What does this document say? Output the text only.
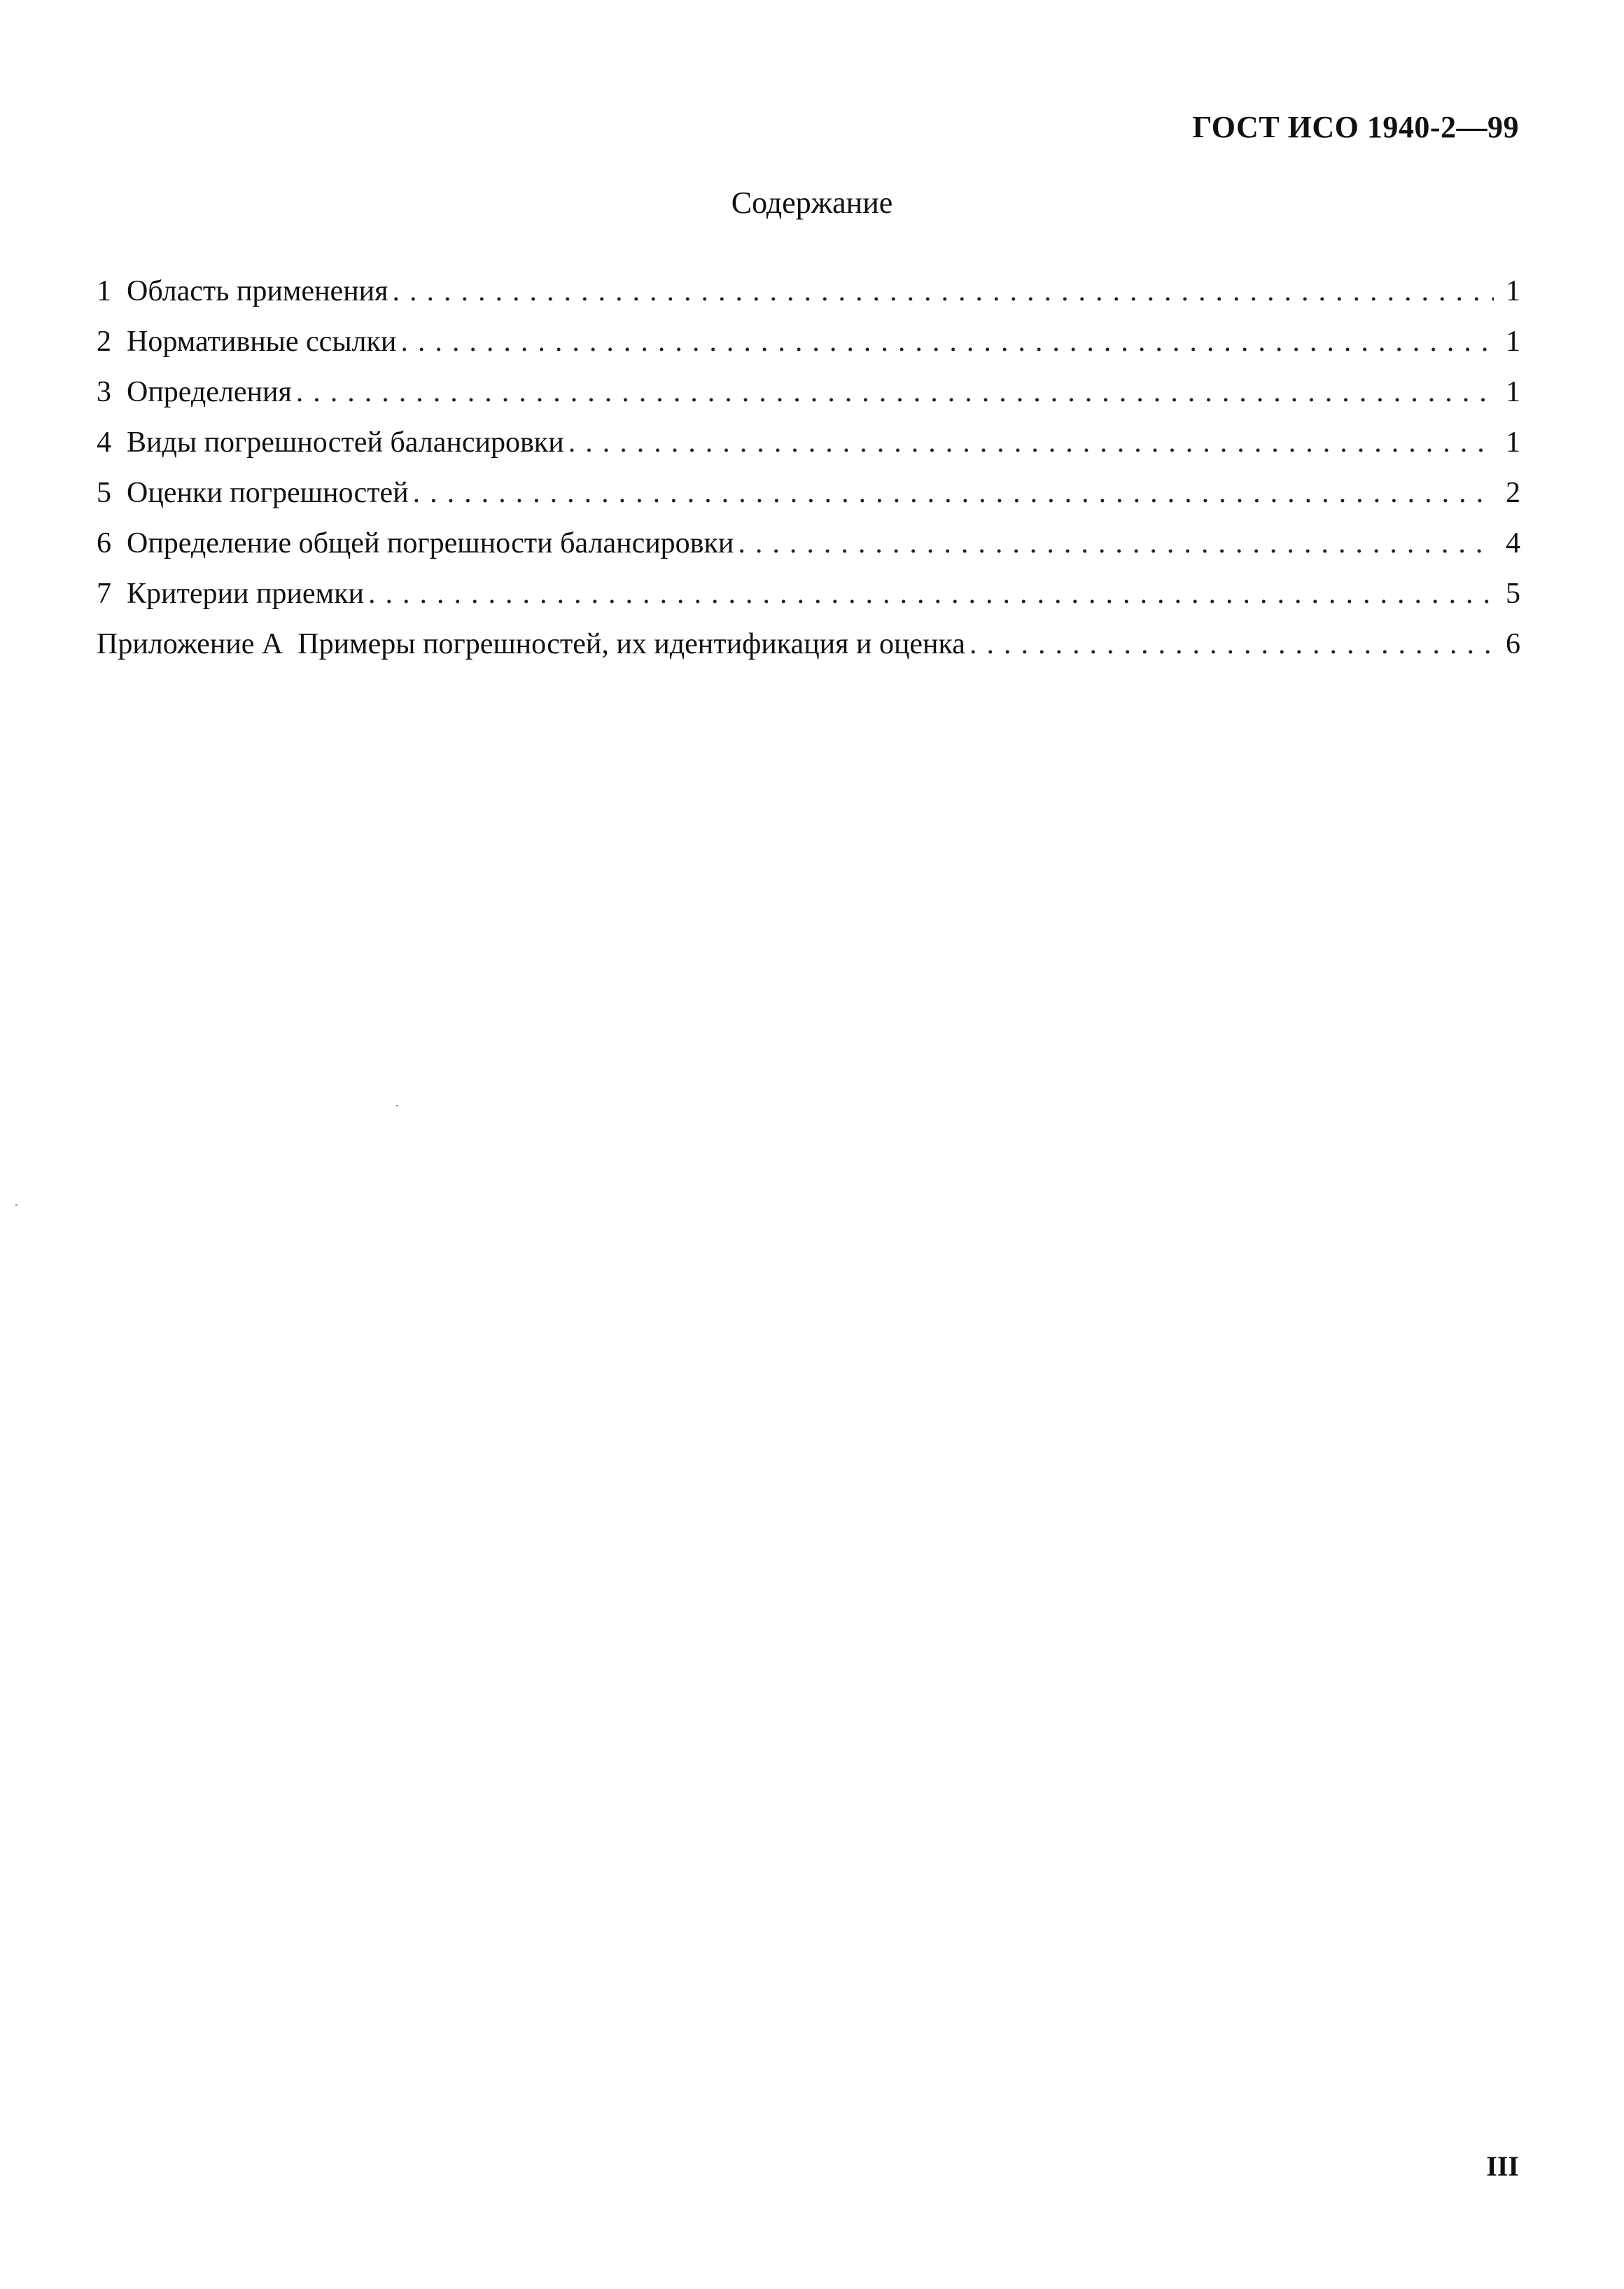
ГОСТ ИСО 1940-2—99
Содержание
1 Область применения .....	1
2 Нормативные ссылки .....	1
3 Определения .....	1
4 Виды погрешностей балансировки .....	1
5 Оценки погрешностей .....	2
6 Определение общей погрешности балансировки .....	4
7 Критерии приемки .....	5
Приложение А  Примеры погрешностей, их идентификация и оценка .....	6
III
